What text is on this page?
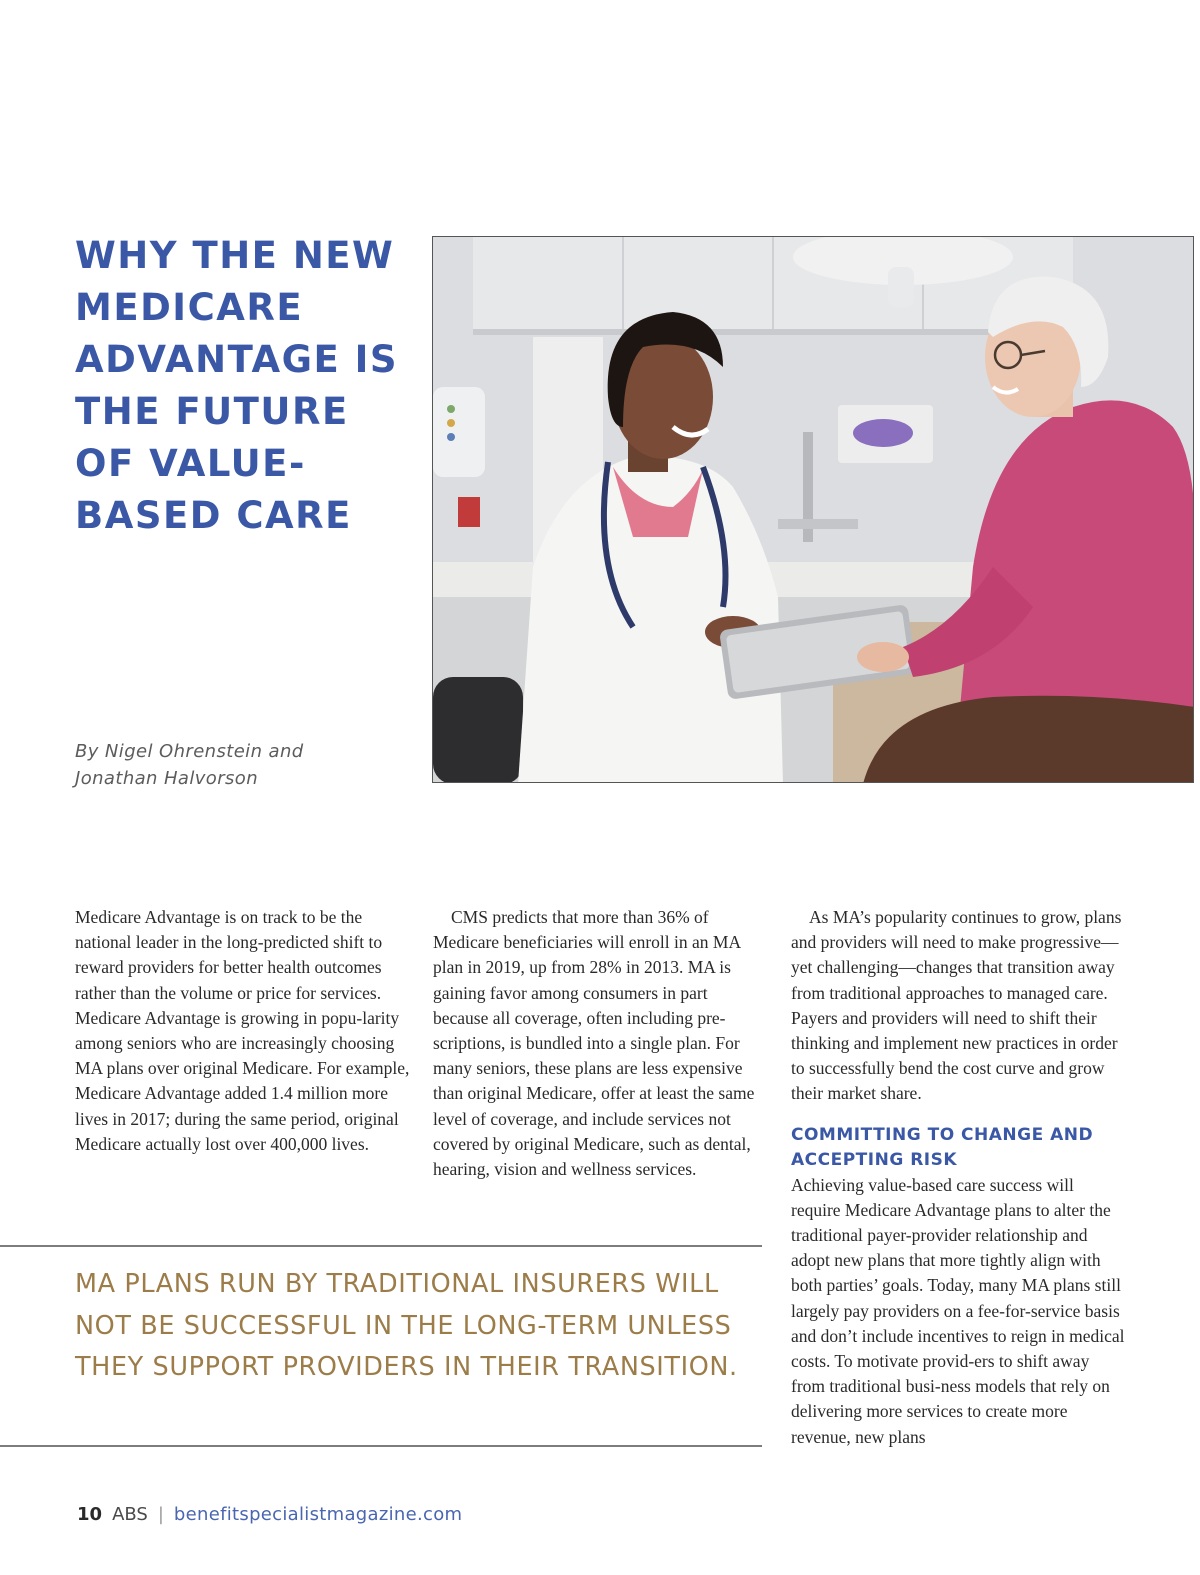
WHY THE NEW MEDICARE ADVANTAGE IS THE FUTURE OF VALUE-BASED CARE
By Nigel Ohrenstein and
Jonathan Halvorson

Medicare Advantage is on track to be the national leader in the long-predicted shift to reward providers for better health outcomes rather than the volume or price for services. Medicare Advantage is growing in popu-larity among seniors who are increasingly choosing MA plans over original Medicare. For example, Medicare Advantage added 1.4 million more lives in 2017; during the same period, original Medicare actually lost over 400,000 lives.

CMS predicts that more than 36% of Medicare beneficiaries will enroll in an MA plan in 2019, up from 28% in 2013. MA is gaining favor among consumers in part because all coverage, often including pre-scriptions, is bundled into a single plan. For many seniors, these plans are less expensive than original Medicare, offer at least the same level of coverage, and include services not covered by original Medicare, such as dental, hearing, vision and wellness services.

As MA’s popularity continues to grow, plans and providers will need to make progressive—yet challenging—changes that transition away from traditional approaches to managed care. Payers and providers will need to shift their thinking and implement new practices in order to successfully bend the cost curve and grow their market share.

COMMITTING TO CHANGE AND ACCEPTING RISK

Achieving value-based care success will require Medicare Advantage plans to alter the traditional payer-provider relationship and adopt new plans that more tightly align with both parties’ goals. Today, many MA plans still largely pay providers on a fee-for-service basis and don’t include incentives to reign in medical costs. To motivate provid-ers to shift away from traditional busi-ness models that rely on delivering more services to create more revenue, new plans

MA PLANS RUN BY TRADITIONAL INSURERS WILL NOT BE SUCCESSFUL IN THE LONG-TERM UNLESS THEY SUPPORT PROVIDERS IN THEIR TRANSITION.

10 ABS | benefitspecialistmagazine.com
